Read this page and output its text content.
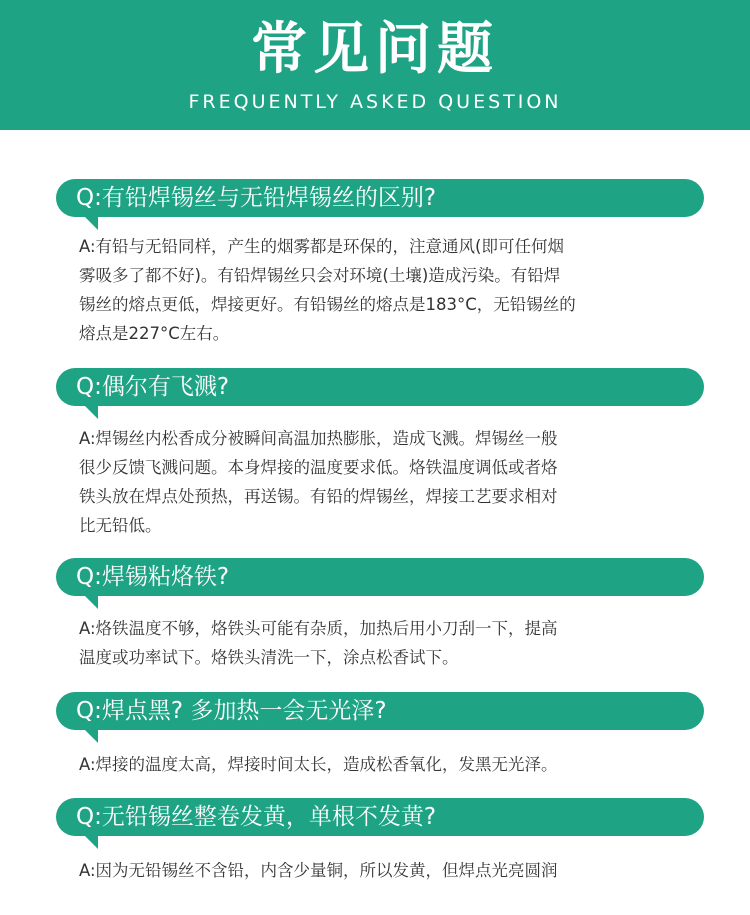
常见问题
FREQUENTLY ASKED QUESTION
Q:有铅焊锡丝与无铅焊锡丝的区别?
A:有铅与无铅同样，产生的烟雾都是环保的，注意通风(即可任何烟
雾吸多了都不好)。有铅焊锡丝只会对环境(土壤)造成污染。有铅焊
锡丝的熔点更低，焊接更好。有铅锡丝的熔点是183°C，无铅锡丝的
熔点是227°C左右。
Q:偶尔有飞溅?
A:焊锡丝内松香成分被瞬间高温加热膨胀，造成飞溅。焊锡丝一般
很少反馈飞溅问题。本身焊接的温度要求低。烙铁温度调低或者烙
铁头放在焊点处预热，再送锡。有铅的焊锡丝，焊接工艺要求相对
比无铅低。
Q:焊锡粘烙铁?
A:烙铁温度不够，烙铁头可能有杂质，加热后用小刀刮一下，提高
温度或功率试下。烙铁头清洗一下，涂点松香试下。
Q:焊点黑? 多加热一会无光泽?
A:焊接的温度太高，焊接时间太长，造成松香氧化，发黑无光泽。
Q:无铅锡丝整卷发黄，单根不发黄?
A:因为无铅锡丝不含铅，内含少量铜，所以发黄，但焊点光亮圆润
